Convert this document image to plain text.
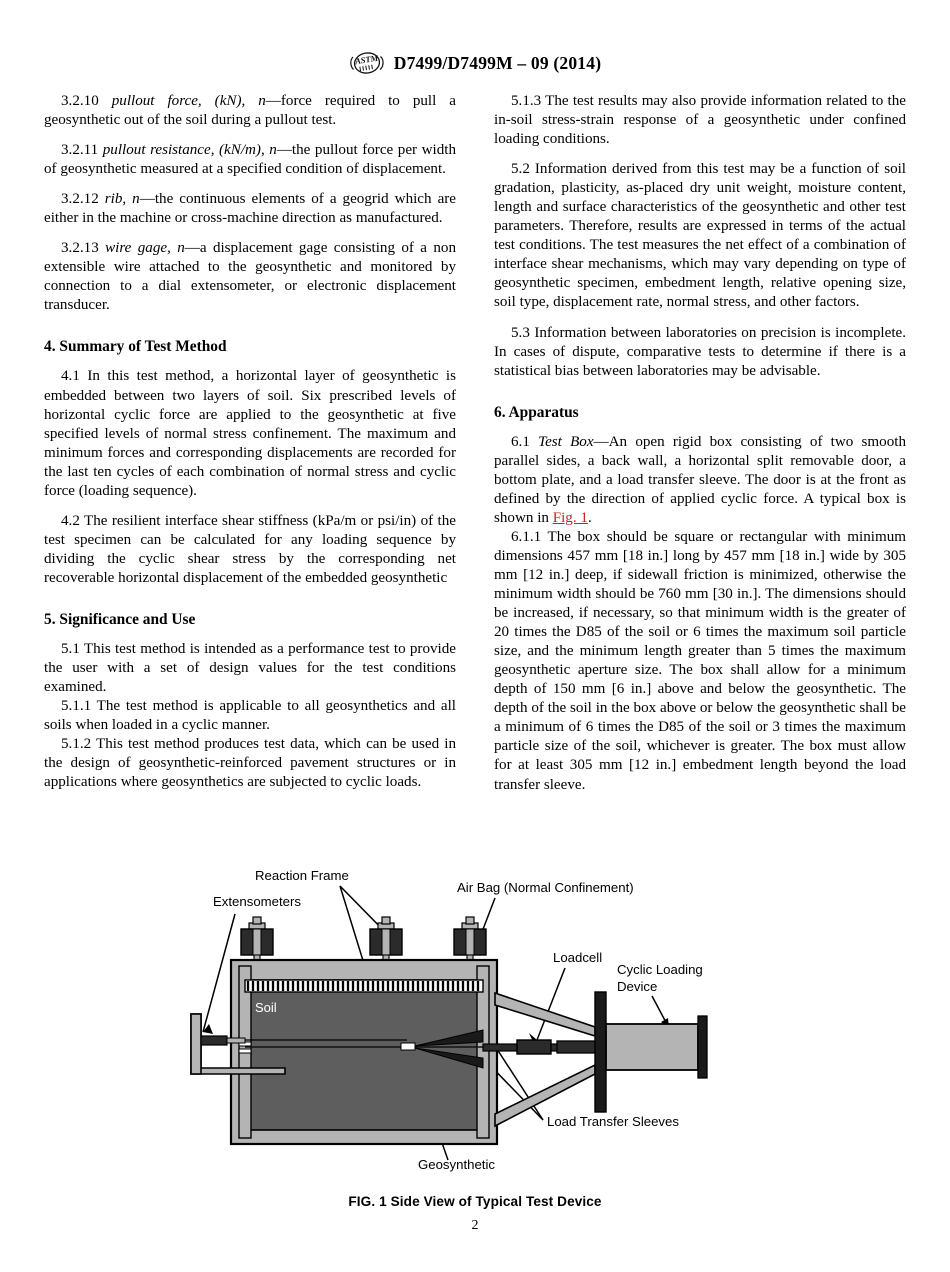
ASTM D7499/D7499M – 09 (2014)

3.2.10 pullout force, (kN), n—force required to pull a geosynthetic out of the soil during a pullout test.

3.2.11 pullout resistance, (kN/m), n—the pullout force per width of geosynthetic measured at a specified condition of displacement.

3.2.12 rib, n—the continuous elements of a geogrid which are either in the machine or cross-machine direction as manufactured.

3.2.13 wire gage, n—a displacement gage consisting of a non extensible wire attached to the geosynthetic and monitored by connection to a dial extensometer, or electronic displacement transducer.

4. Summary of Test Method

4.1 In this test method, a horizontal layer of geosynthetic is embedded between two layers of soil. Six prescribed levels of horizontal cyclic force are applied to the geosynthetic at five specified levels of normal stress confinement. The maximum and minimum forces and corresponding displacements are recorded for the last ten cycles of each combination of normal stress and cyclic force (loading sequence).

4.2 The resilient interface shear stiffness (kPa/m or psi/in) of the test specimen can be calculated for any loading sequence by dividing the cyclic shear stress by the corresponding net recoverable horizontal displacement of the embedded geosynthetic

5. Significance and Use

5.1 This test method is intended as a performance test to provide the user with a set of design values for the test conditions examined.

5.1.1 The test method is applicable to all geosynthetics and all soils when loaded in a cyclic manner.

5.1.2 This test method produces test data, which can be used in the design of geosynthetic-reinforced pavement structures or in applications where geosynthetics are subjected to cyclic loads.

5.1.3 The test results may also provide information related to the in-soil stress-strain response of a geosynthetic under confined loading conditions.

5.2 Information derived from this test may be a function of soil gradation, plasticity, as-placed dry unit weight, moisture content, length and surface characteristics of the geosynthetic and other test parameters. Therefore, results are expressed in terms of the actual test conditions. The test measures the net effect of a combination of interface shear mechanisms, which may vary depending on type of geosynthetic specimen, embedment length, relative opening size, soil type, displacement rate, normal stress, and other factors.

5.3 Information between laboratories on precision is incomplete. In cases of dispute, comparative tests to determine if there is a statistical bias between laboratories may be advisable.

6. Apparatus

6.1 Test Box—An open rigid box consisting of two smooth parallel sides, a back wall, a horizontal split removable door, a bottom plate, and a load transfer sleeve. The door is at the front as defined by the direction of applied cyclic force. A typical box is shown in Fig. 1.

6.1.1 The box should be square or rectangular with minimum dimensions 457 mm [18 in.] long by 457 mm [18 in.] wide by 305 mm [12 in.] deep, if sidewall friction is minimized, otherwise the minimum width should be 760 mm [30 in.]. The dimensions should be increased, if necessary, so that minimum width is the greater of 20 times the D85 of the soil or 6 times the maximum soil particle size, and the minimum length greater than 5 times the maximum geosynthetic aperture size. The box shall allow for a minimum depth of 150 mm [6 in.] above and below the geosynthetic. The depth of the soil in the box above or below the geosynthetic shall be a minimum of 6 times the D85 of the soil or 3 times the maximum particle size of the soil, whichever is greater. The box must allow for at least 305 mm [12 in.] embedment length beyond the load transfer sleeve.

Extensometers
Reaction Frame
Air Bag (Normal Confinement)
Loadcell
Cyclic Loading
Device
Load Transfer Sleeves
Geosynthetic
Soil
FIG. 1 Side View of Typical Test Device
2
